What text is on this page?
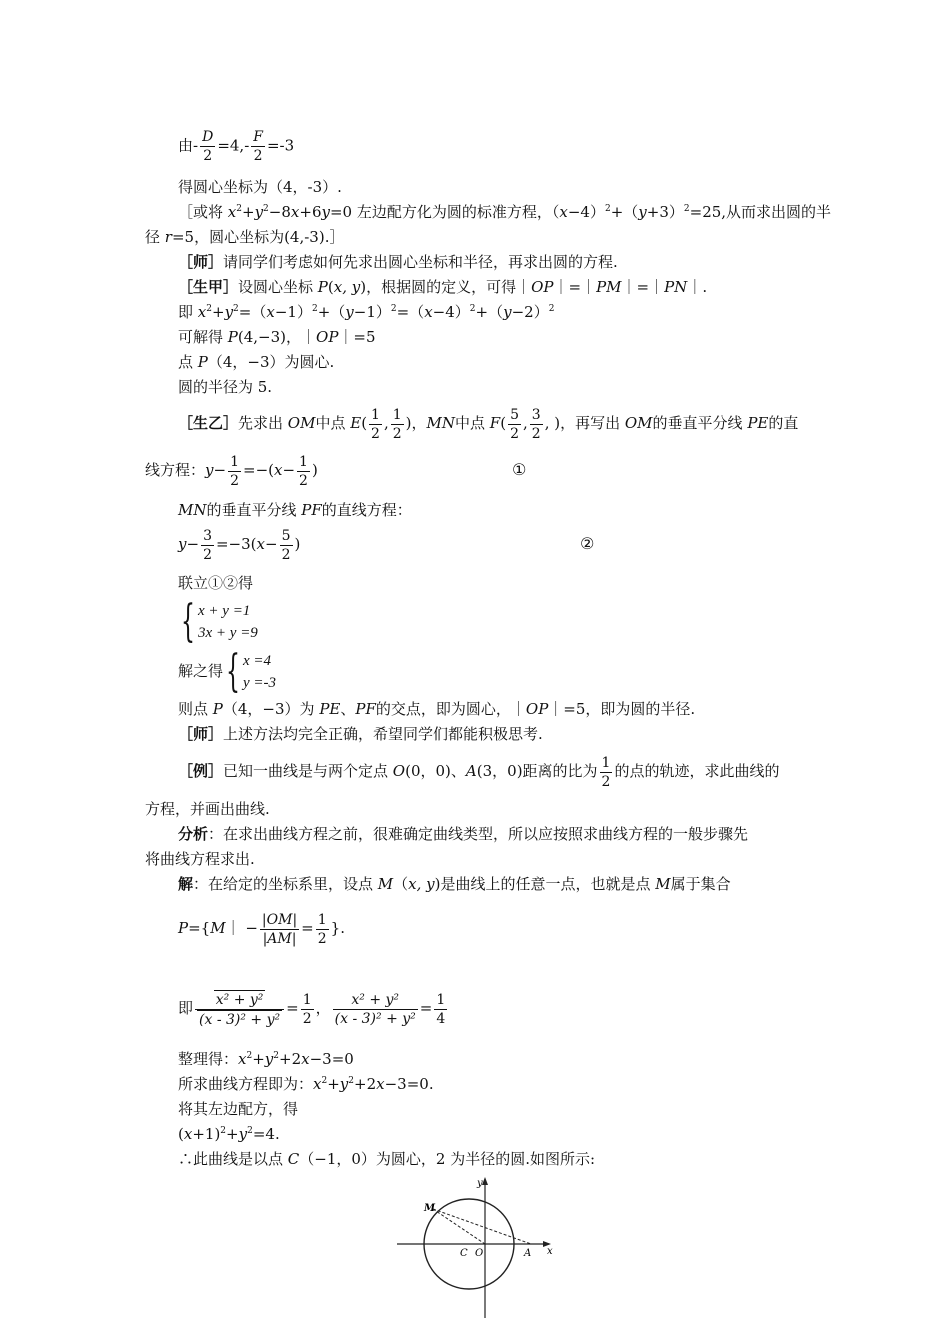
由- $\frac{D}{2} =4,- \frac{F}{2} =-3$
得圆心坐标为（4，-3）.
［或将 $x^2+y^2-8x+6y=0$ 左边配方化为圆的标准方程，$(x-4)^2+(y+3)^2=25$,从而求出圆的半
径 r=5，圆心坐标为(4,-3).］
［师］请同学们考虑如何先求出圆心坐标和半径，再求出圆的方程.
［生甲］设圆心坐标 P(x, y)，根据圆的定义，可得｜OP｜=｜PM｜=｜PN｜.
即 $x^2+y^2=(x-1)^2+(y-1)^2=(x-4)^2+(y-2)^2$
可解得 P(4,−3)，｜OP｜=5
点 P（4，−3）为圆心.
圆的半径为 5.
［生乙］先求出 OM中点 $E( \frac{1}{2}$ , $\frac{1}{2}$ )，MN中点 $F( \frac{5}{2}$ , $\frac{3}{2}$ , )，再写出 OM的垂直平分线 PE的直
线方程：$y- \frac{1}{2} =-(x- \frac{1}{2}$ )	①
MN的垂直平分线 PF的直线方程：
$y- \frac{3}{2} =-3(x- \frac{5}{2}$ )	②
联立①②得
{ x + y =1
3x + y =9
解之得{ x =4
y =-3
则点 P（4，−3）为 PE、PF的交点，即为圆心，｜OP｜=5，即为圆的半径.
［师］上述方法均完全正确，希望同学们都能积极思考.
［例］已知一曲线是与两个定点 O(0，0)、A(3，0)距离的比为 $\frac{1}{2}$ 的点的轨迹，求此曲线的
方程，并画出曲线.
分析：在求出曲线方程之前，很难确定曲线类型，所以应按照求曲线方程的一般步骤先
将曲线方程求出.
解：在给定的坐标系里，设点 M（x, y)是曲线上的任意一点，也就是点 M属于集合
P={M｜ − $\frac{|OM|}{|AM|} = \frac{1}{2}$ }.
即 $\frac{\text{x² + y²}}{\text{(x - 3)² + y²}} = \frac{1}{2}$ ， $\frac{\text{x² + y²}}{\text{(x - 3)² + y²}} = \frac{1}{4}$
整理得：$x^2+y^2+2x-3=0$
所求曲线方程即为：$x^2+y^2+2x-3=0$.
将其左边配方，得
$(x+1)^2+y^2=4$.
∴此曲线是以点 C（−1，0）为圆心，2 为半径的圆.如图所示:
y
x
M
C O	A
